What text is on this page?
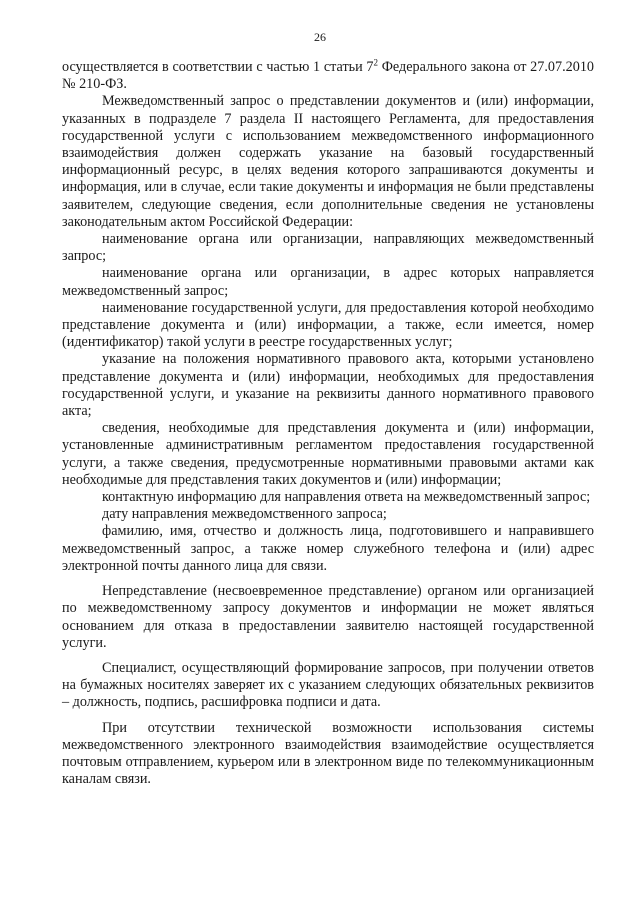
26

осуществляется в соответствии с частью 1 статьи $7^2$ Федерального закона от 27.07.2010 № 210-ФЗ.

Межведомственный запрос о представлении документов и (или) информации, указанных в подразделе 7 раздела II настоящего Регламента, для предоставления государственной услуги с использованием межведомственного информационного взаимодействия должен содержать указание на базовый государственный информационный ресурс, в целях ведения которого запрашиваются документы и информация, или в случае, если такие документы и информация не были представлены заявителем, следующие сведения, если дополнительные сведения не установлены законодательным актом Российской Федерации:

наименование органа или организации, направляющих межведомственный запрос;

наименование органа или организации, в адрес которых направляется межведомственный запрос;

наименование государственной услуги, для предоставления которой необходимо представление документа и (или) информации, а также, если имеется, номер (идентификатор) такой услуги в реестре государственных услуг;

указание на положения нормативного правового акта, которыми установлено представление документа и (или) информации, необходимых для предоставления государственной услуги, и указание на реквизиты данного нормативного правового акта;

сведения, необходимые для представления документа и (или) информации, установленные административным регламентом предоставления государственной услуги, а также сведения, предусмотренные нормативными правовыми актами как необходимые для представления таких документов и (или) информации;

контактную информацию для направления ответа на межведомственный запрос;

дату направления межведомственного запроса;

фамилию, имя, отчество и должность лица, подготовившего и направившего межведомственный запрос, а также номер служебного телефона и (или) адрес электронной почты данного лица для связи.

Непредставление (несвоевременное представление) органом или организацией по межведомственному запросу документов и информации не может являться основанием для отказа в предоставлении заявителю настоящей государственной услуги.

Специалист, осуществляющий формирование запросов, при получении ответов на бумажных носителях заверяет их с указанием следующих обязательных реквизитов – должность, подпись, расшифровка подписи и дата.

При отсутствии технической возможности использования системы межведомственного электронного взаимодействия взаимодействие осуществляется почтовым отправлением, курьером или в электронном виде по телекоммуникационным каналам связи.
